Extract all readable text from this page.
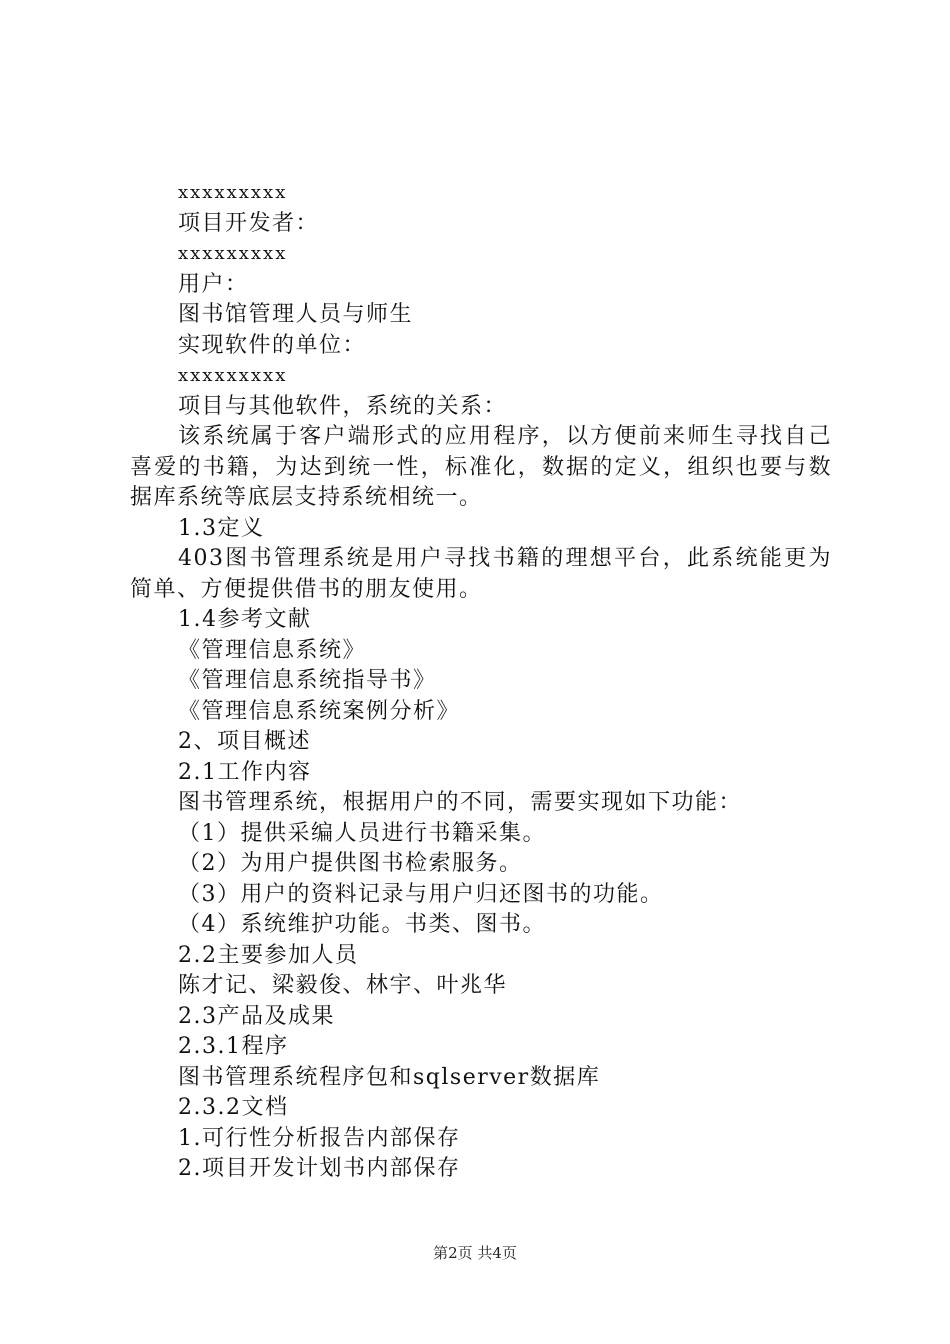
xxxxxxxxx
项目开发者：
xxxxxxxxx
用户：
图书馆管理人员与师生
实现软件的单位：
xxxxxxxxx
项目与其他软件，系统的关系：
该系统属于客户端形式的应用程序，以方便前来师生寻找自己喜爱的书籍，为达到统一性，标准化，数据的定义，组织也要与数据库系统等底层支持系统相统一。
1.3定义
403图书管理系统是用户寻找书籍的理想平台，此系统能更为简单、方便提供借书的朋友使用。
1.4参考文献
《管理信息系统》
《管理信息系统指导书》
《管理信息系统案例分析》
2、项目概述
2.1工作内容
图书管理系统，根据用户的不同，需要实现如下功能：
（1）提供采编人员进行书籍采集。
（2）为用户提供图书检索服务。
（3）用户的资料记录与用户归还图书的功能。
（4）系统维护功能。书类、图书。
2.2主要参加人员
陈才记、梁毅俊、林宇、叶兆华
2.3产品及成果
2.3.1程序
图书管理系统程序包和sqlserver数据库
2.3.2文档
1.可行性分析报告内部保存
2.项目开发计划书内部保存
第2页 共4页
